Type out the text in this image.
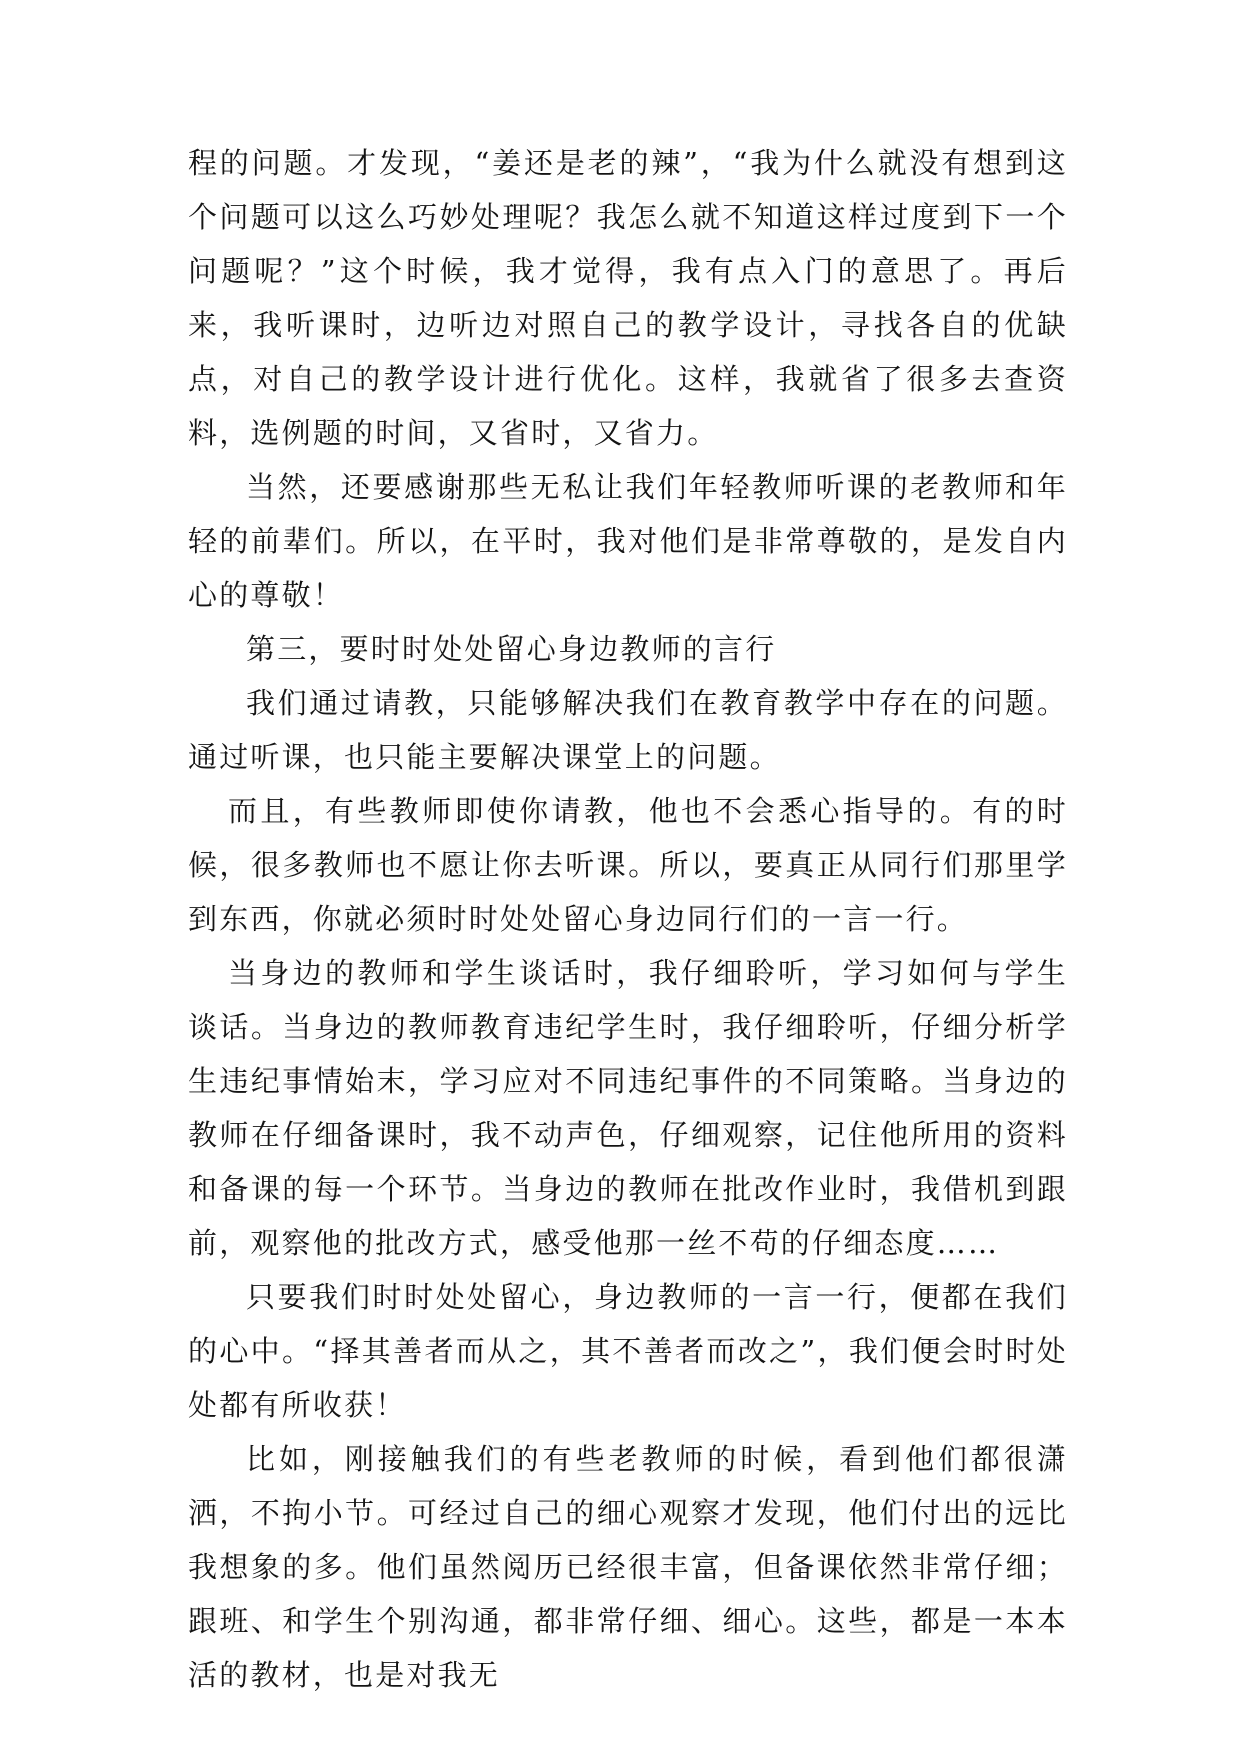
程的问题。才发现，“姜还是老的辣”，“我为什么就没有想到这个问题可以这么巧妙处理呢？我怎么就不知道这样过度到下一个问题呢？”这个时候，我才觉得，我有点入门的意思了。再后来，我听课时，边听边对照自己的教学设计，寻找各自的优缺点，对自己的教学设计进行优化。这样，我就省了很多去查资料，选例题的时间，又省时，又省力。

当然，还要感谢那些无私让我们年轻教师听课的老教师和年轻的前辈们。所以，在平时，我对他们是非常尊敬的，是发自内心的尊敬！

第三，要时时处处留心身边教师的言行

我们通过请教，只能够解决我们在教育教学中存在的问题。通过听课，也只能主要解决课堂上的问题。

而且，有些教师即使你请教，他也不会悉心指导的。有的时候，很多教师也不愿让你去听课。所以，要真正从同行们那里学到东西，你就必须时时处处留心身边同行们的一言一行。

当身边的教师和学生谈话时，我仔细聆听，学习如何与学生谈话。当身边的教师教育违纪学生时，我仔细聆听，仔细分析学生违纪事情始末，学习应对不同违纪事件的不同策略。当身边的教师在仔细备课时，我不动声色，仔细观察，记住他所用的资料和备课的每一个环节。当身边的教师在批改作业时，我借机到跟前，观察他的批改方式，感受他那一丝不苟的仔细态度……

只要我们时时处处留心，身边教师的一言一行，便都在我们的心中。“择其善者而从之，其不善者而改之”，我们便会时时处处都有所收获！

比如，刚接触我们的有些老教师的时候，看到他们都很潇洒，不拘小节。可经过自己的细心观察才发现，他们付出的远比我想象的多。他们虽然阅历已经很丰富，但备课依然非常仔细；跟班、和学生个别沟通，都非常仔细、细心。这些，都是一本本活的教材，也是对我无
